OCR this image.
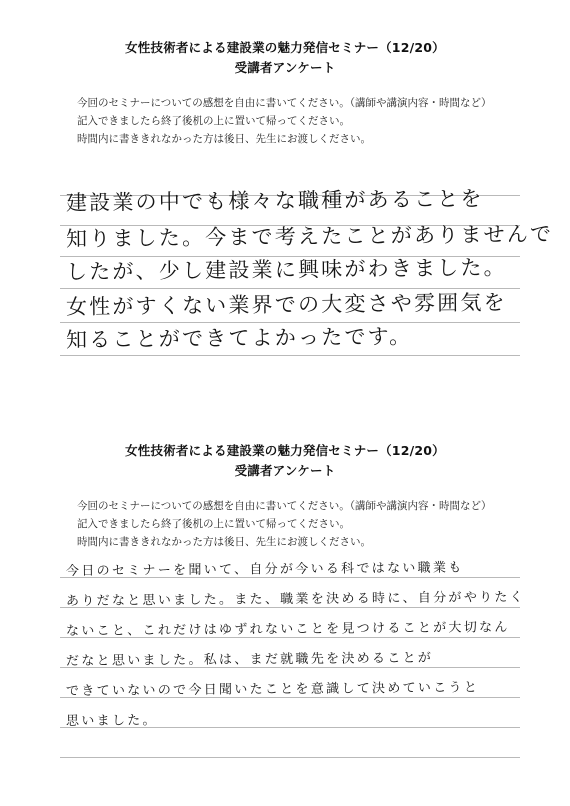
女性技術者による建設業の魅力発信セミナー（12/20）
受講者アンケート
今回のセミナーについての感想を自由に書いてください。（講師や講演内容・時間など）
記入できましたら終了後机の上に置いて帰ってください。
時間内に書ききれなかった方は後日、先生にお渡しください。
建設業の中でも様々な職種があることを
知りました。今まで考えたことがありませんで
したが、少し建設業に興味がわきました。
女性がすくない業界での大変さや雰囲気を
知ることができてよかったです。
女性技術者による建設業の魅力発信セミナー（12/20）
受講者アンケート
今回のセミナーについての感想を自由に書いてください。（講師や講演内容・時間など）
記入できましたら終了後机の上に置いて帰ってください。
時間内に書ききれなかった方は後日、先生にお渡しください。
今日のセミナーを聞いて、自分が今いる科ではない職業も
ありだなと思いました。また、職業を決める時に、自分がやりたく
ないこと、これだけはゆずれないことを見つけることが大切なん
だなと思いました。私は、まだ就職先を決めることが
できていないので今日聞いたことを意識して決めていこうと
思いました。
